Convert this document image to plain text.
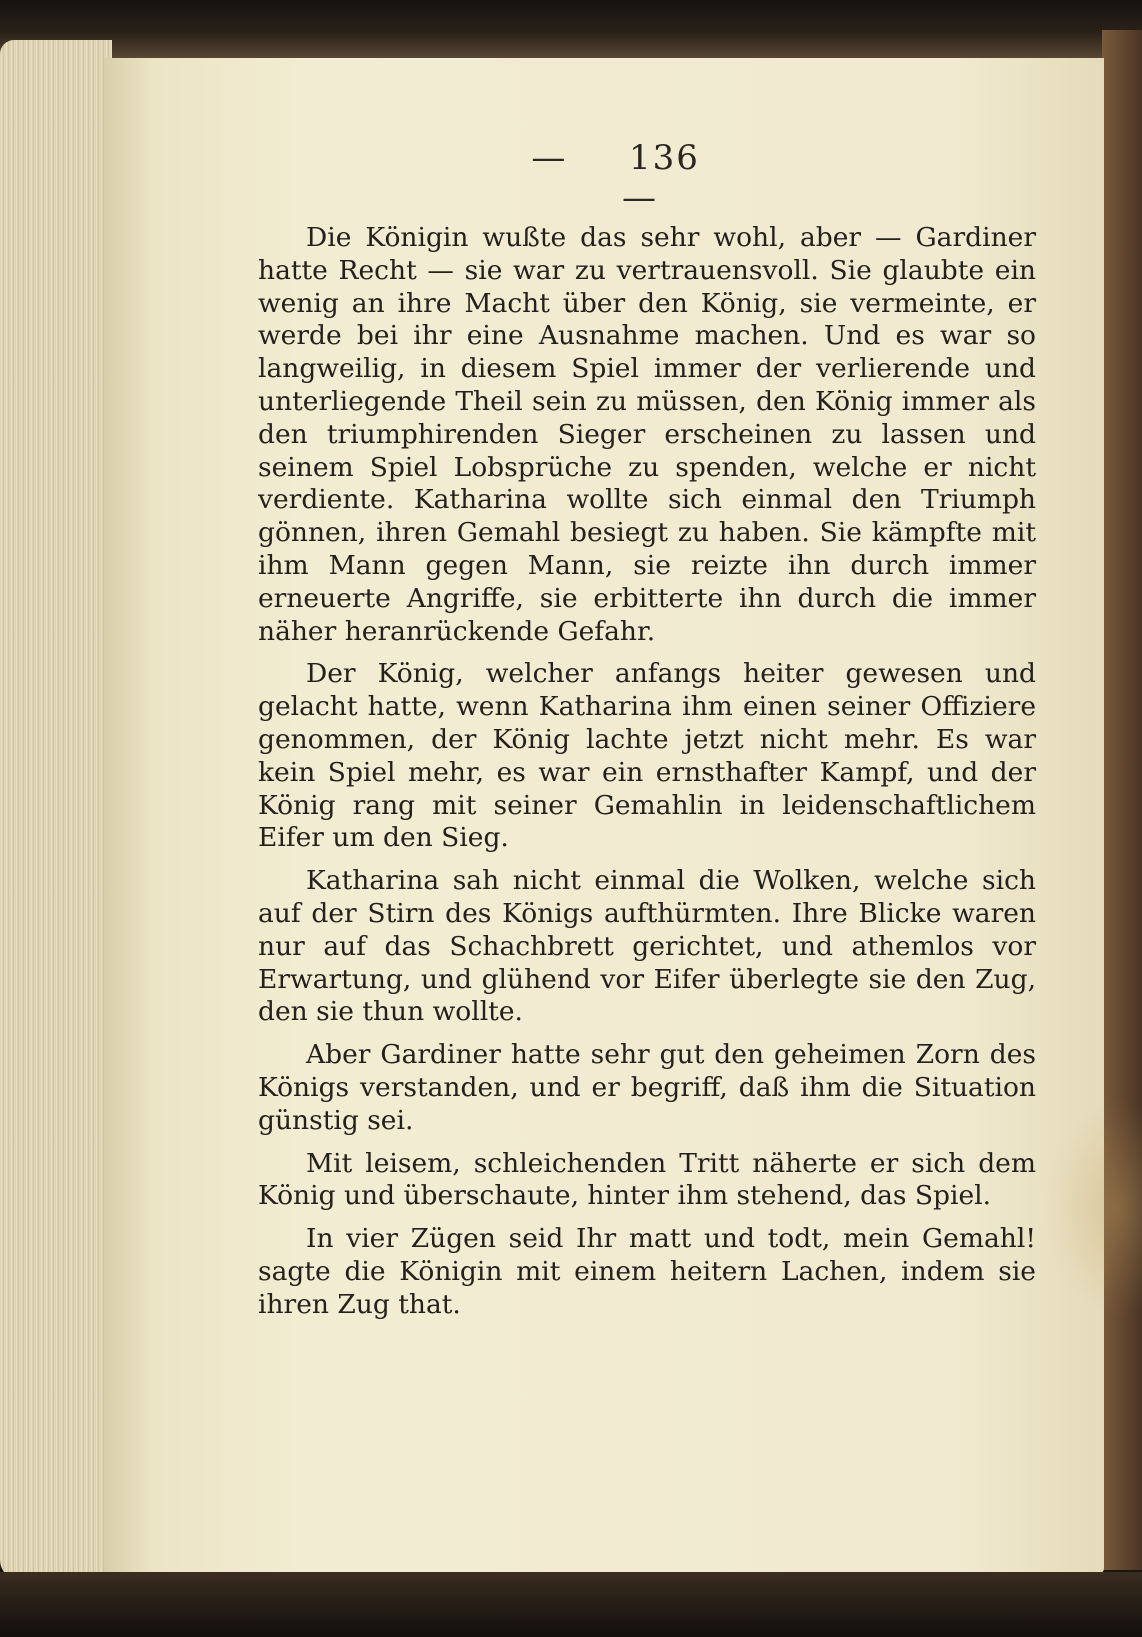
— 136  —

Die Königin wußte das sehr wohl, aber — Gardiner hatte Recht — sie war zu vertrauensvoll. Sie glaubte ein wenig an ihre Macht über den König, sie vermeinte, er werde bei ihr eine Ausnahme machen. Und es war so langweilig, in diesem Spiel immer der verlierende und unterliegende Theil sein zu müssen, den König immer als den triumphirenden Sieger erscheinen zu lassen und seinem Spiel Lobsprüche zu spenden, welche er nicht verdiente. Katharina wollte sich einmal den Triumph gönnen, ihren Gemahl besiegt zu haben. Sie kämpfte mit ihm Mann gegen Mann, sie reizte ihn durch immer erneuerte Angriffe, sie erbitterte ihn durch die immer näher heranrückende Gefahr.

Der König, welcher anfangs heiter gewesen und gelacht hatte, wenn Katharina ihm einen seiner Offiziere genommen, der König lachte jetzt nicht mehr. Es war kein Spiel mehr, es war ein ernsthafter Kampf, und der König rang mit seiner Gemahlin in leidenschaftlichem Eifer um den Sieg.

Katharina sah nicht einmal die Wolken, welche sich auf der Stirn des Königs aufthürmten. Ihre Blicke waren nur auf das Schachbrett gerichtet, und athemlos vor Erwartung, und glühend vor Eifer überlegte sie den Zug, den sie thun wollte.

Aber Gardiner hatte sehr gut den geheimen Zorn des Königs verstanden, und er begriff, daß ihm die Situation günstig sei.

Mit leisem, schleichenden Tritt näherte er sich dem König und überschaute, hinter ihm stehend, das Spiel.

In vier Zügen seid Ihr matt und todt, mein Gemahl! sagte die Königin mit einem heitern Lachen, indem sie ihren Zug that.
